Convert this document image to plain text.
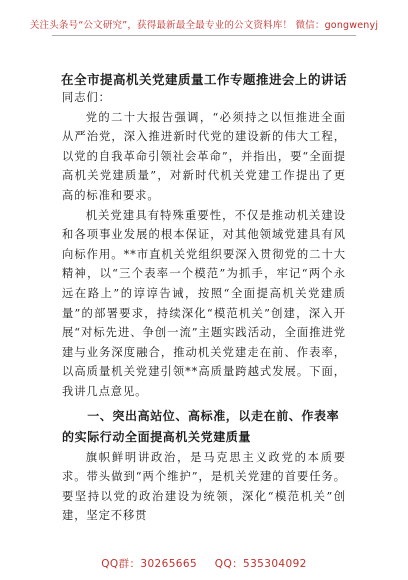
关注头条号“公文研究”，获得最新最全最专业的公文资料库！ 微信：gongwenyj
在全市提高机关党建质量工作专题推进会上的讲话

同志们：

党的二十大报告强调，“必须持之以恒推进全面从严治党，深入推进新时代党的建设新的伟大工程，以党的自我革命引领社会革命”，并指出，要“全面提高机关党建质量”，对新时代机关党建工作提出了更高的标准和要求。

机关党建具有特殊重要性，不仅是推动机关建设和各项事业发展的根本保证，对其他领域党建具有风向标作用。**市直机关党组织要深入贯彻党的二十大精神，以“三个表率一个模范”为抓手，牢记“两个永远在路上”的谆谆告诫，按照“全面提高机关党建质量”的部署要求，持续深化“模范机关”创建，深入开展“对标先进、争创一流”主题实践活动，全面推进党建与业务深度融合，推动机关党建走在前、作表率，以高质量机关党建引领**高质量跨越式发展。下面，我讲几点意见。

一、突出高站位、高标准，以走在前、作表率的实际行动全面提高机关党建质量

旗帜鲜明讲政治，是马克思主义政党的本质要求。带头做到“两个维护”，是机关党建的首要任务。要坚持以党的政治建设为统领，深化“模范机关”创建，坚定不移贯

QQ群：30265665 QQ：535304092
